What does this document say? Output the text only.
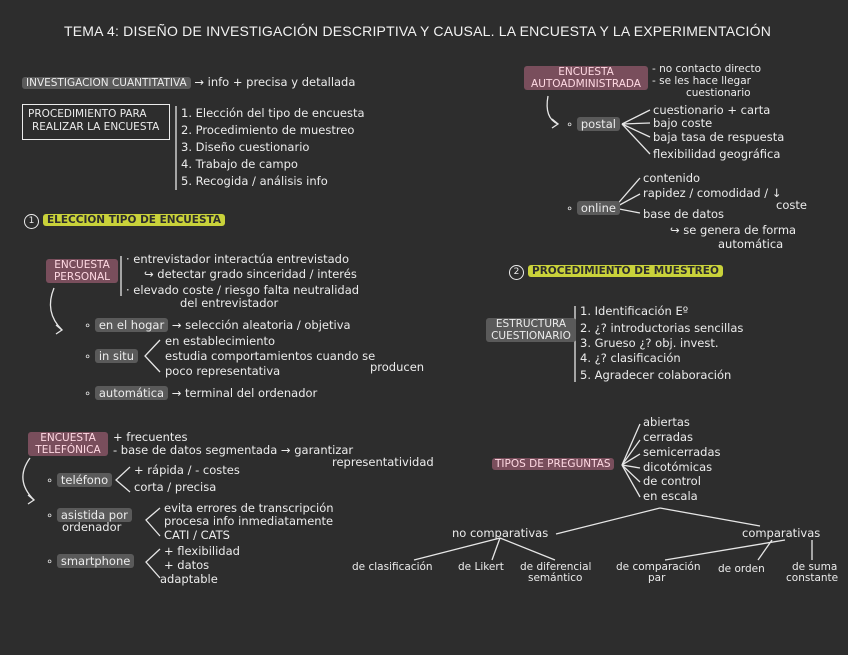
TEMA 4: DISEÑO DE INVESTIGACIÓN DESCRIPTIVA Y CAUSAL. LA ENCUESTA Y LA EXPERIMENTACIÓN
INVESTIGACION CUANTITATIVA → info + precisa y detallada
PROCEDIMIENTO PARA
REALIZAR LA ENCUESTA
1. Elección del tipo de encuesta
2. Procedimiento de muestreo
3. Diseño cuestionario
4. Trabajo de campo
5. Recogida / análisis info
1 ELECCION TIPO DE ENCUESTA
ENCUESTA
PERSONAL
· entrevistador interactúa entrevistado
↪ detectar grado sinceridad / interés
· elevado coste / riesgo falta neutralidad
del entrevistador
∘ en el hogar → selección aleatoria / objetiva
∘ in situ
en establecimiento
estudia comportamientos cuando se
producen
poco representativa
∘ automática → terminal del ordenador
ENCUESTA
TELEFÓNICA
+ frecuentes
- base de datos segmentada → garantizar
representatividad
∘ teléfono
+ rápida / - costes
corta / precisa
∘ asistida por
ordenador
evita errores de transcripción
procesa info inmediatamente
CATI / CATS
∘ smartphone
+ flexibilidad
+ datos
adaptable
ENCUESTA
AUTOADMINISTRADA
- no contacto directo
- se les hace llegar
cuestionario
∘ postal
cuestionario + carta
bajo coste
baja tasa de respuesta
flexibilidad geográfica
∘ online
contenido
rapidez / comodidad / ↓
coste
base de datos
↪ se genera de forma
automática
2 PROCEDIMIENTO DE MUESTREO
ESTRUCTURA
CUESTIONARIO
1. Identificación Eº
2. ¿? introductorias sencillas
3. Grueso ¿? obj. invest.
4. ¿? clasificación
5. Agradecer colaboración
TIPOS DE PREGUNTAS
abiertas
cerradas
semicerradas
dicotómicas
de control
en escala
no comparativas	comparativas
de clasificación de Likert de diferencial
semántico
de comparación
par
de orden	de suma
constante
